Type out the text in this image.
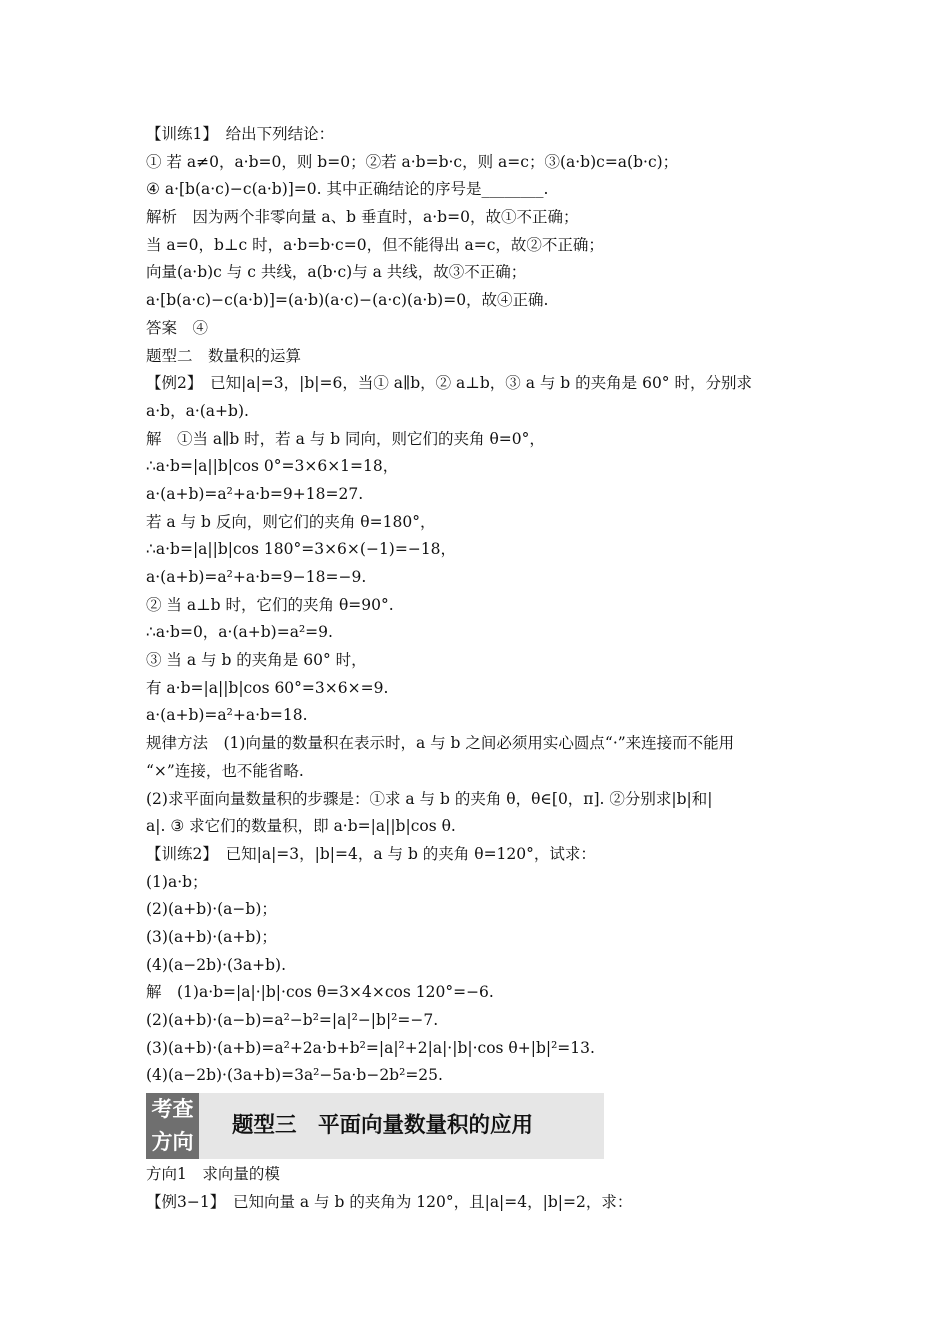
【训练1】　给出下列结论：
① 若 a≠0，a·b=0，则 b=0；②若 a·b=b·c，则 a=c；③(a·b)c=a(b·c)；
④ a·[b(a·c)−c(a·b)]=0. 其中正确结论的序号是________.
解析　因为两个非零向量 a、b 垂直时，a·b=0，故①不正确；
当 a=0，b⊥c 时，a·b=b·c=0，但不能得出 a=c，故②不正确；
向量(a·b)c 与 c 共线，a(b·c)与 a 共线，故③不正确；
a·[b(a·c)−c(a·b)]=(a·b)(a·c)−(a·c)(a·b)=0，故④正确.
答案　④
题型二　数量积的运算
【例2】　已知|a|=3，|b|=6，当① a∥b，② a⊥b，③ a 与 b 的夹角是 60° 时，分别求
a·b，a·(a+b).
解　①当 a∥b 时，若 a 与 b 同向，则它们的夹角 θ=0°，
∴a·b=|a||b|cos 0°=3×6×1=18，
a·(a+b)=a²+a·b=9+18=27.
若 a 与 b 反向，则它们的夹角 θ=180°，
∴a·b=|a||b|cos 180°=3×6×(−1)=−18，
a·(a+b)=a²+a·b=9−18=−9.
② 当 a⊥b 时，它们的夹角 θ=90°.
∴a·b=0，a·(a+b)=a²=9.
③ 当 a 与 b 的夹角是 60° 时，
有 a·b=|a||b|cos 60°=3×6×=9.
a·(a+b)=a²+a·b=18.
规律方法　(1)向量的数量积在表示时，a 与 b 之间必须用实心圆点“·”来连接而不能用
“×”连接，也不能省略.
(2)求平面向量数量积的步骤是：①求 a 与 b 的夹角 θ，θ∈[0，π]. ②分别求|b|和|
a|. ③ 求它们的数量积，即 a·b=|a||b|cos θ.
【训练2】　已知|a|=3，|b|=4，a 与 b 的夹角 θ=120°，试求：
(1)a·b；
(2)(a+b)·(a−b)；
(3)(a+b)·(a+b)；
(4)(a−2b)·(3a+b).
解　(1)a·b=|a|·|b|·cos θ=3×4×cos 120°=−6.
(2)(a+b)·(a−b)=a²−b²=|a|²−|b|²=−7.
(3)(a+b)·(a+b)=a²+2a·b+b²=|a|²+2|a|·|b|·cos θ+|b|²=13.
(4)(a−2b)·(3a+b)=3a²−5a·b−2b²=25.
考查
方向
题型三　平面向量数量积的应用
方向1　求向量的模
【例3−1】　已知向量 a 与 b 的夹角为 120°，且|a|=4，|b|=2，求：
